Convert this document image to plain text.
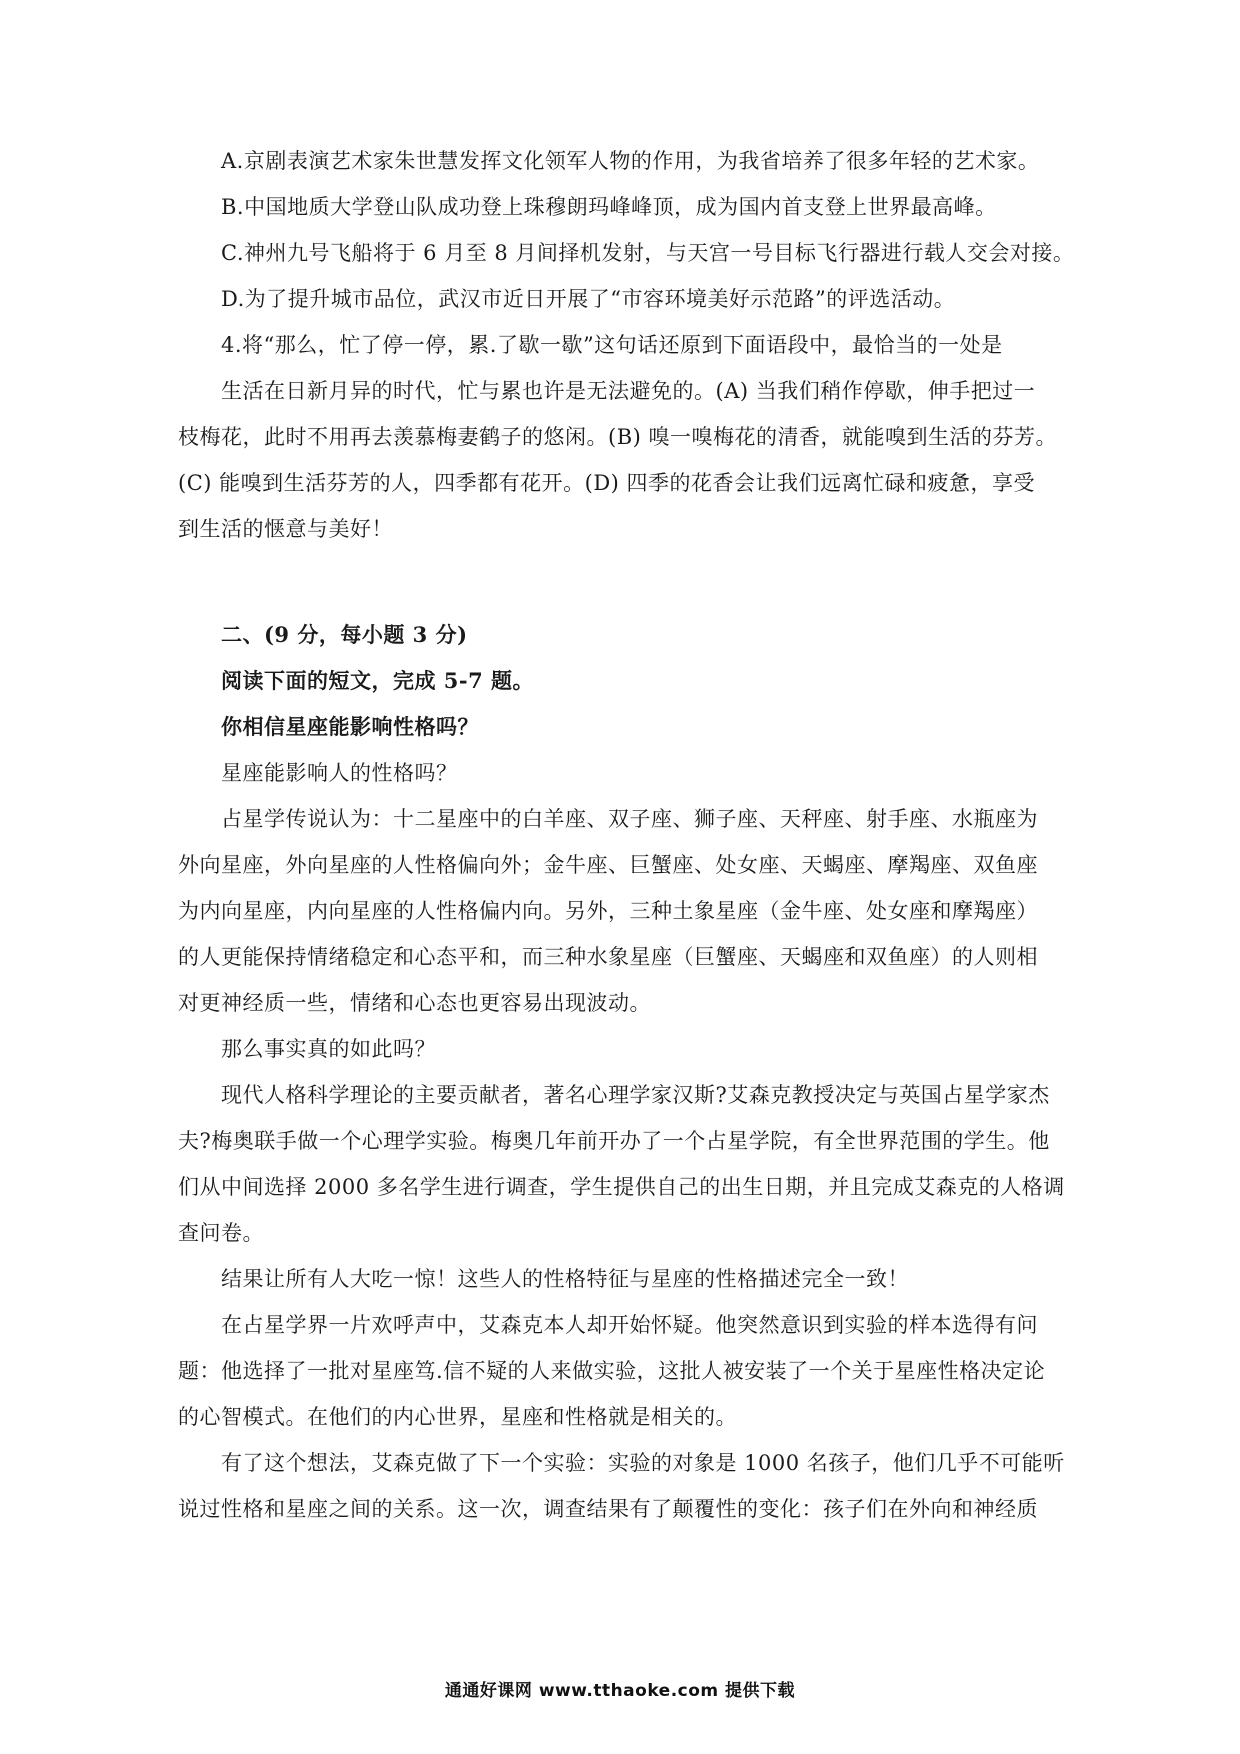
A.京剧表演艺术家朱世慧发挥文化领军人物的作用，为我省培养了很多年轻的艺术家。
B.中国地质大学登山队成功登上珠穆朗玛峰峰顶，成为国内首支登上世界最高峰。
C.神州九号飞船将于 6 月至 8 月间择机发射，与天宫一号目标飞行器进行载人交会对接。
D.为了提升城市品位，武汉市近日开展了“市容环境美好示范路”的评选活动。
4.将“那么，忙了停一停，累.了歇一歇”这句话还原到下面语段中，最恰当的一处是
生活在日新月异的时代，忙与累也许是无法避免的。(A) 当我们稍作停歇，伸手把过一
枝梅花，此时不用再去羡慕梅妻鹤子的悠闲。(B) 嗅一嗅梅花的清香，就能嗅到生活的芬芳。
(C) 能嗅到生活芬芳的人，四季都有花开。(D) 四季的花香会让我们远离忙碌和疲惫，享受
到生活的惬意与美好！
二、(9 分，每小题 3 分)
阅读下面的短文，完成 5-7 题。
你相信星座能影响性格吗？
星座能影响人的性格吗？
占星学传说认为：十二星座中的白羊座、双子座、狮子座、天秤座、射手座、水瓶座为
外向星座，外向星座的人性格偏向外；金牛座、巨蟹座、处女座、天蝎座、摩羯座、双鱼座
为内向星座，内向星座的人性格偏内向。另外，三种土象星座（金牛座、处女座和摩羯座）
的人更能保持情绪稳定和心态平和，而三种水象星座（巨蟹座、天蝎座和双鱼座）的人则相
对更神经质一些，情绪和心态也更容易出现波动。
那么事实真的如此吗？
现代人格科学理论的主要贡献者，著名心理学家汉斯?艾森克教授决定与英国占星学家杰
夫?梅奥联手做一个心理学实验。梅奥几年前开办了一个占星学院，有全世界范围的学生。他
们从中间选择 2000 多名学生进行调查，学生提供自己的出生日期，并且完成艾森克的人格调
查问卷。
结果让所有人大吃一惊！这些人的性格特征与星座的性格描述完全一致！
在占星学界一片欢呼声中，艾森克本人却开始怀疑。他突然意识到实验的样本选得有问
题：他选择了一批对星座笃.信不疑的人来做实验，这批人被安装了一个关于星座性格决定论
的心智模式。在他们的内心世界，星座和性格就是相关的。
有了这个想法，艾森克做了下一个实验：实验的对象是 1000 名孩子，他们几乎不可能听
说过性格和星座之间的关系。这一次，调查结果有了颠覆性的变化：孩子们在外向和神经质
通通好课网 www.tthaoke.com 提供下载
